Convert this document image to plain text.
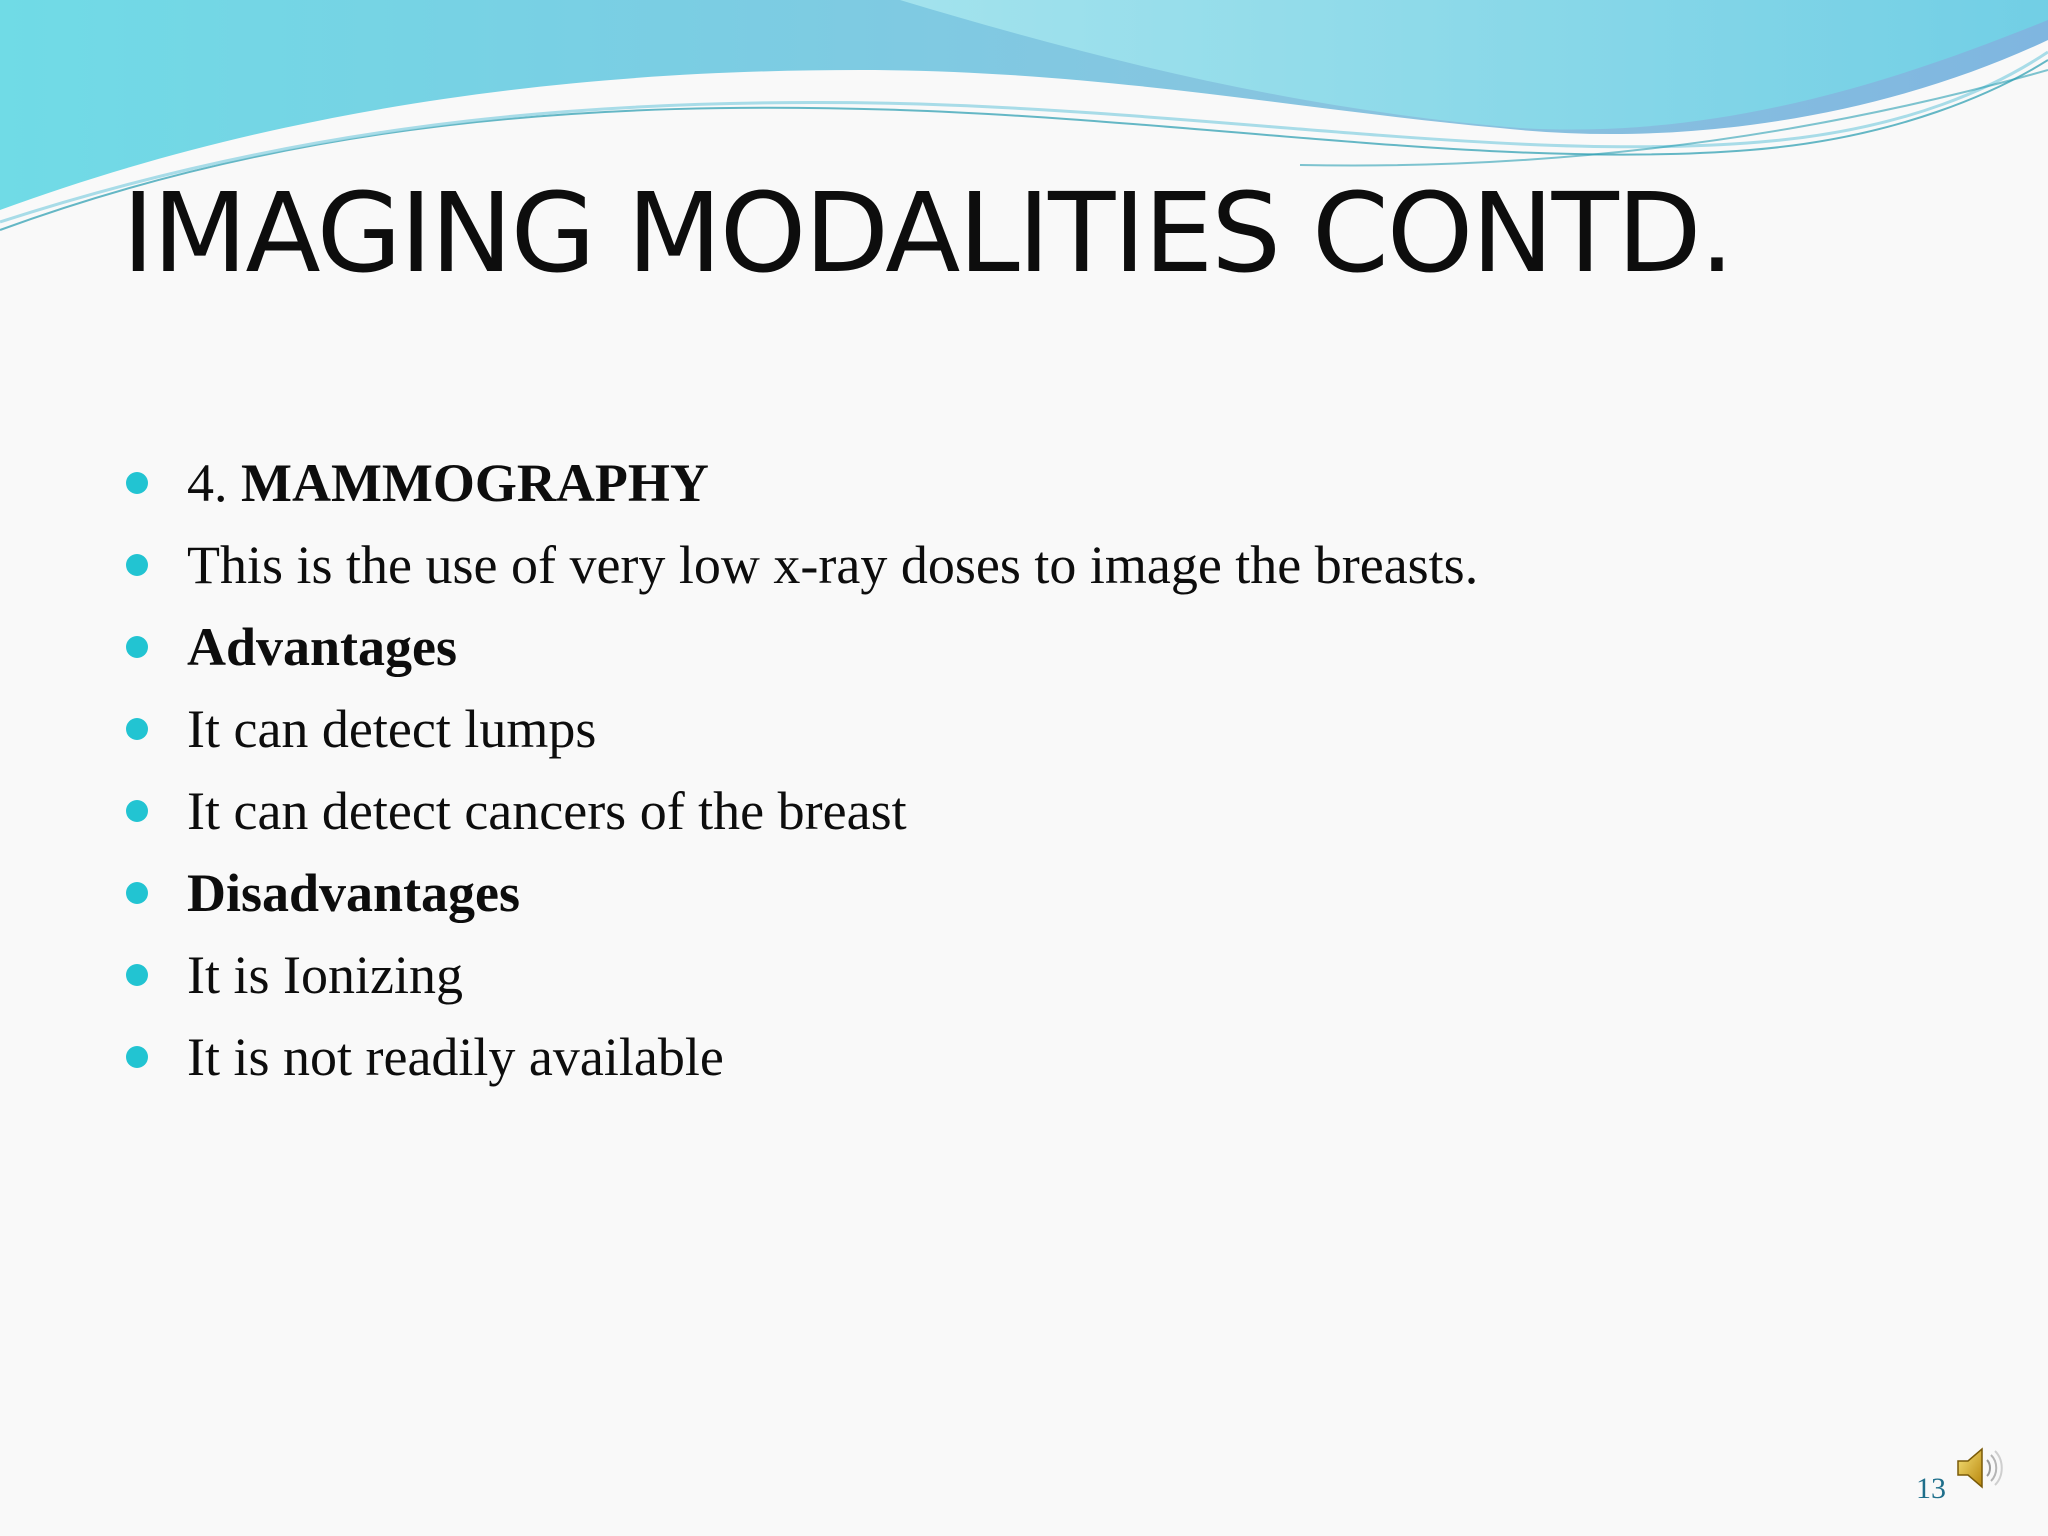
IMAGING MODALITIES CONTD.
4. MAMMOGRAPHY
This is the use of very low x-ray doses to image the breasts.
Advantages
It can detect lumps
It can detect cancers of the breast
Disadvantages
It is Ionizing
It is not readily available
13
